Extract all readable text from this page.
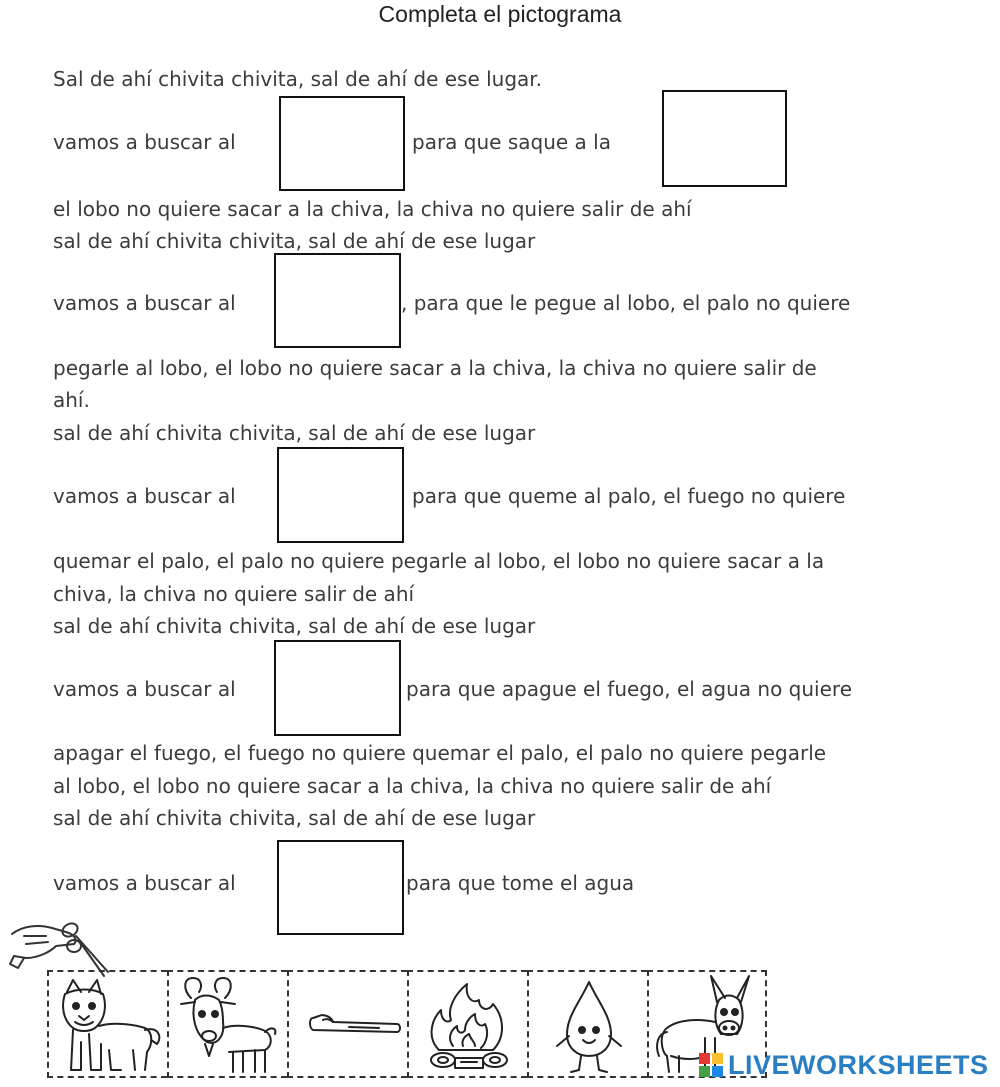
Completa el pictograma
Sal de ahí chivita chivita, sal de ahí de ese lugar.
vamos a buscar al	para que saque a la
el lobo no quiere sacar a la chiva, la chiva no quiere salir de ahí
sal de ahí chivita chivita, sal de ahí de ese lugar
vamos a buscar al	, para que le pegue al lobo, el palo no quiere
pegarle al lobo, el lobo no quiere sacar a la chiva, la chiva no quiere salir de
ahí.
sal de ahí chivita chivita, sal de ahí de ese lugar
vamos a buscar al	para que queme al palo, el fuego no quiere
quemar el palo, el palo no quiere pegarle al lobo, el lobo no quiere sacar a la
chiva, la chiva no quiere salir de ahí
sal de ahí chivita chivita, sal de ahí de ese lugar
vamos a buscar al	para que apague el fuego, el agua no quiere
apagar el fuego, el fuego no quiere quemar el palo, el palo no quiere pegarle
al lobo, el lobo no quiere sacar a la chiva, la chiva no quiere salir de ahí
sal de ahí chivita chivita, sal de ahí de ese lugar
vamos a buscar al	para que tome el agua
LIVEWORKSHEETS
